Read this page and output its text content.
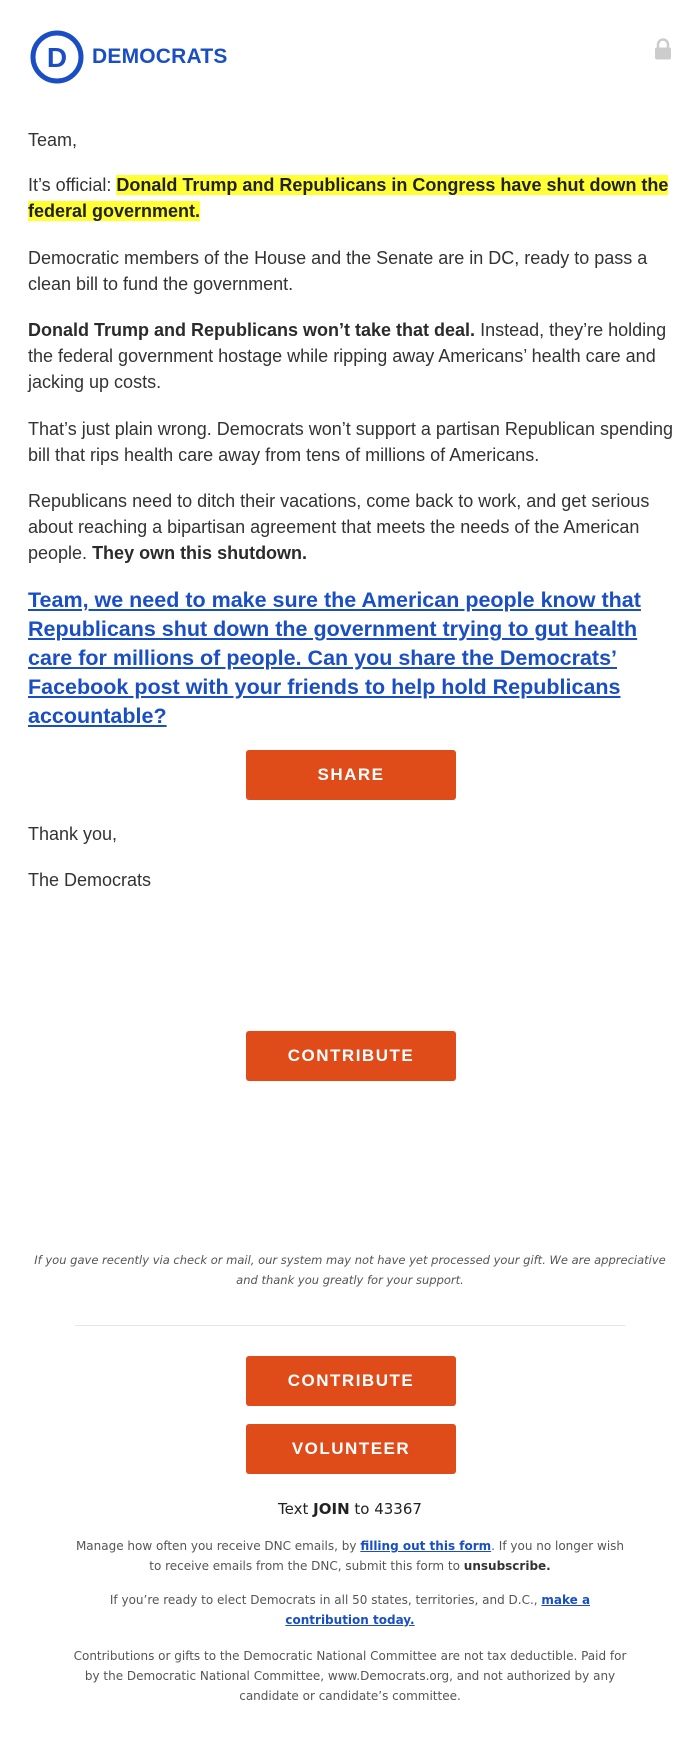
D DEMOCRATS
Team,
It’s official: Donald Trump and Republicans in Congress have shut down the federal government.
Democratic members of the House and the Senate are in DC, ready to pass a clean bill to fund the government.
Donald Trump and Republicans won’t take that deal. Instead, they’re holding the federal government hostage while ripping away Americans’ health care and jacking up costs.
That’s just plain wrong. Democrats won’t support a partisan Republican spending bill that rips health care away from tens of millions of Americans.
Republicans need to ditch their vacations, come back to work, and get serious about reaching a bipartisan agreement that meets the needs of the American people. They own this shutdown.
Team, we need to make sure the American people know that Republicans shut down the government trying to gut health care for millions of people. Can you share the Democrats’ Facebook post with your friends to help hold Republicans accountable?
SHARE
Thank you,
The Democrats
CONTRIBUTE
If you gave recently via check or mail, our system may not have yet processed your gift. We are appreciative and thank you greatly for your support.
CONTRIBUTE
VOLUNTEER
Text JOIN to 43367
Manage how often you receive DNC emails, by filling out this form. If you no longer wish to receive emails from the DNC, submit this form to unsubscribe.
If you’re ready to elect Democrats in all 50 states, territories, and D.C., make a contribution today.
Contributions or gifts to the Democratic National Committee are not tax deductible. Paid for by the Democratic National Committee, www.Democrats.org, and not authorized by any candidate or candidate’s committee.
